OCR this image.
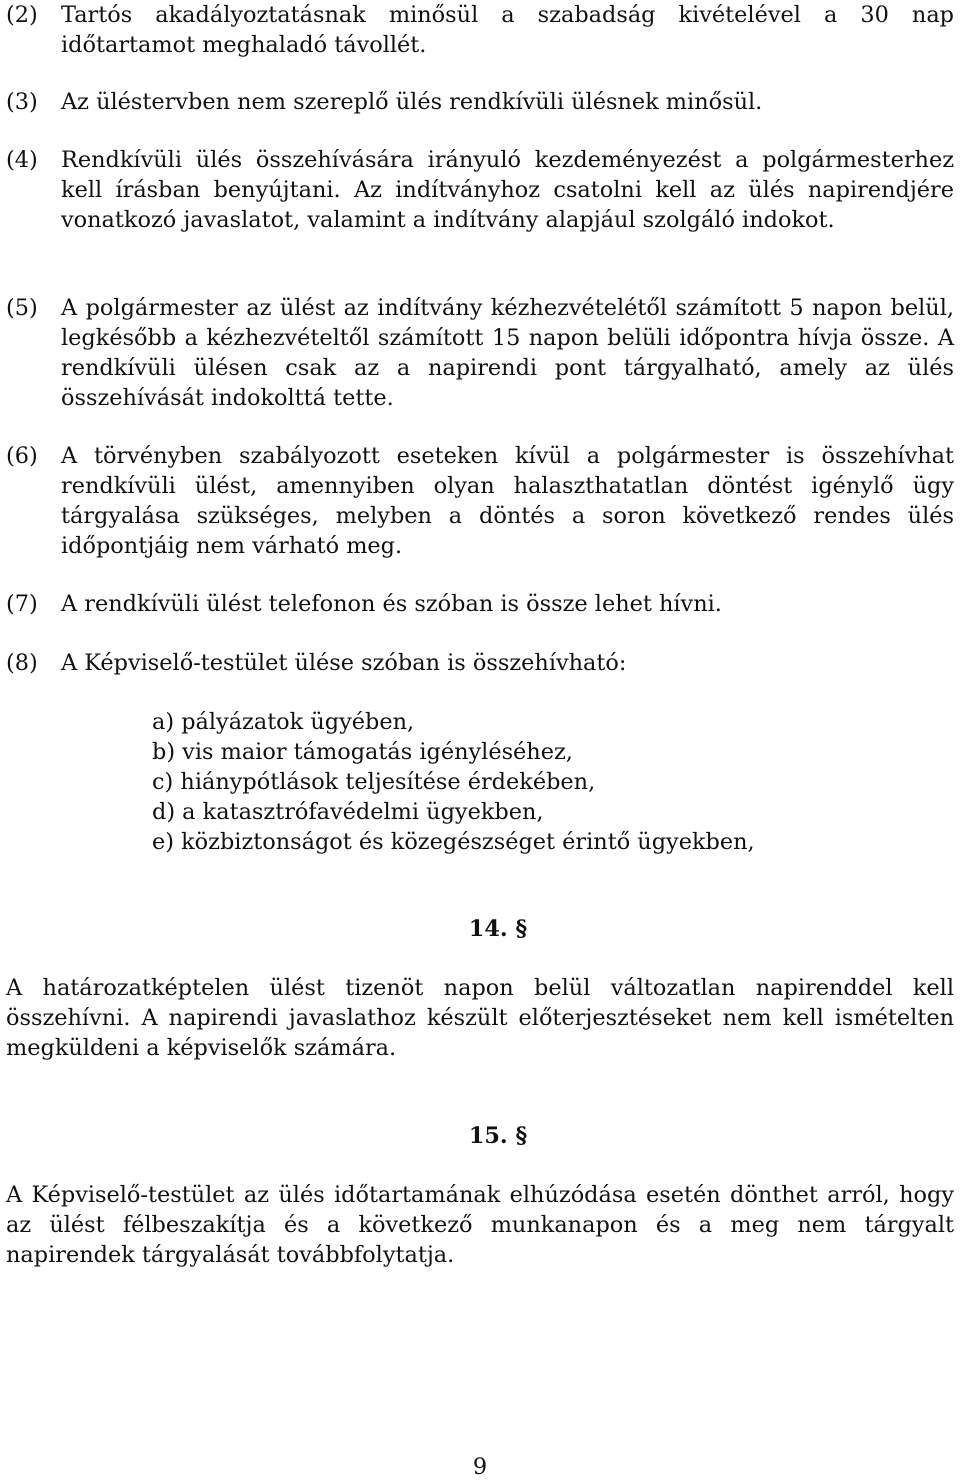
(2) Tartós akadályoztatásnak minősül a szabadság kivételével a 30 nap időtartamot meghaladó távollét.
(3) Az üléstervben nem szereplő ülés rendkívüli ülésnek minősül.
(4) Rendkívüli ülés összehívására irányuló kezdeményezést a polgármesterhez kell írásban benyújtani. Az indítványhoz csatolni kell az ülés napirendjére vonatkozó javaslatot, valamint a indítvány alapjául szolgáló indokot.
(5) A polgármester az ülést az indítvány kézhezvételétől számított 5 napon belül, legkésőbb a kézhezvételtől számított 15 napon belüli időpontra hívja össze. A rendkívüli ülésen csak az a napirendi pont tárgyalható, amely az ülés összehívását indokolttá tette.
(6) A törvényben szabályozott eseteken kívül a polgármester is összehívhat rendkívüli ülést, amennyiben olyan halaszthatatlan döntést igénylő ügy tárgyalása szükséges, melyben a döntés a soron következő rendes ülés időpontjáig nem várható meg.
(7) A rendkívüli ülést telefonon és szóban is össze lehet hívni.
(8) A Képviselő-testület ülése szóban is összehívható:
a) pályázatok ügyében,
b) vis maior támogatás igényléséhez,
c) hiánypótlások teljesítése érdekében,
d) a katasztrófavédelmi ügyekben,
e) közbiztonságot és közegészséget érintő ügyekben,
14. §
A határozatképtelen ülést tizenöt napon belül változatlan napirenddel kell összehívni. A napirendi javaslathoz készült előterjesztéseket nem kell ismételten megküldeni a képviselők számára.
15. §
A Képviselő-testület az ülés időtartamának elhúzódása esetén dönthet arról, hogy az ülést félbeszakítja és a következő munkanapon és a meg nem tárgyalt napirendek tárgyalását továbbfolytatja.
9
